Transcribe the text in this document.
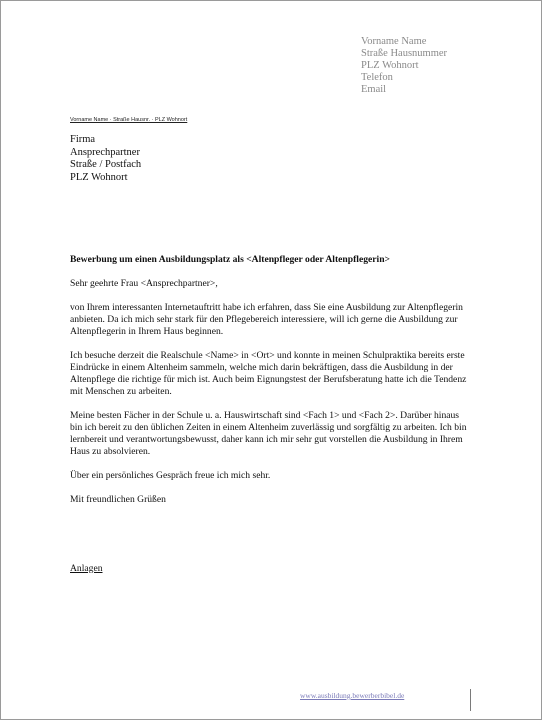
Vorname Name
Straße Hausnummer
PLZ Wohnort
Telefon
Email
Vorname Name · Straße Hausnr. · PLZ Wohnort
Firma
Ansprechpartner
Straße / Postfach
PLZ Wohnort

Bewerbung um einen Ausbildungsplatz als <Altenpfleger oder Altenpflegerin>

Sehr geehrte Frau <Ansprechpartner>,

von Ihrem interessanten Internetauftritt habe ich erfahren, dass Sie eine Ausbildung zur Altenpflegerin anbieten. Da ich mich sehr stark für den Pflegebereich interessiere, will ich gerne die Ausbildung zur Altenpflegerin in Ihrem Haus beginnen.

Ich besuche derzeit die Realschule <Name> in <Ort> und konnte in meinen Schulpraktika bereits erste Eindrücke in einem Altenheim sammeln, welche mich darin bekräftigen, dass die Ausbildung in der Altenpflege die richtige für mich ist. Auch beim Eignungstest der Berufsberatung hatte ich die Tendenz mit Menschen zu arbeiten.

Meine besten Fächer in der Schule u. a. Hauswirtschaft sind <Fach 1> und <Fach 2>. Darüber hinaus bin ich bereit zu den üblichen Zeiten in einem Altenheim zuverlässig und sorgfältig zu arbeiten. Ich bin lernbereit und verantwortungsbewusst, daher kann ich mir sehr gut vorstellen die Ausbildung in Ihrem Haus zu absolvieren.

Über ein persönliches Gespräch freue ich mich sehr.

Mit freundlichen Grüßen

Anlagen

www.ausbildung.bewerberbibel.de
